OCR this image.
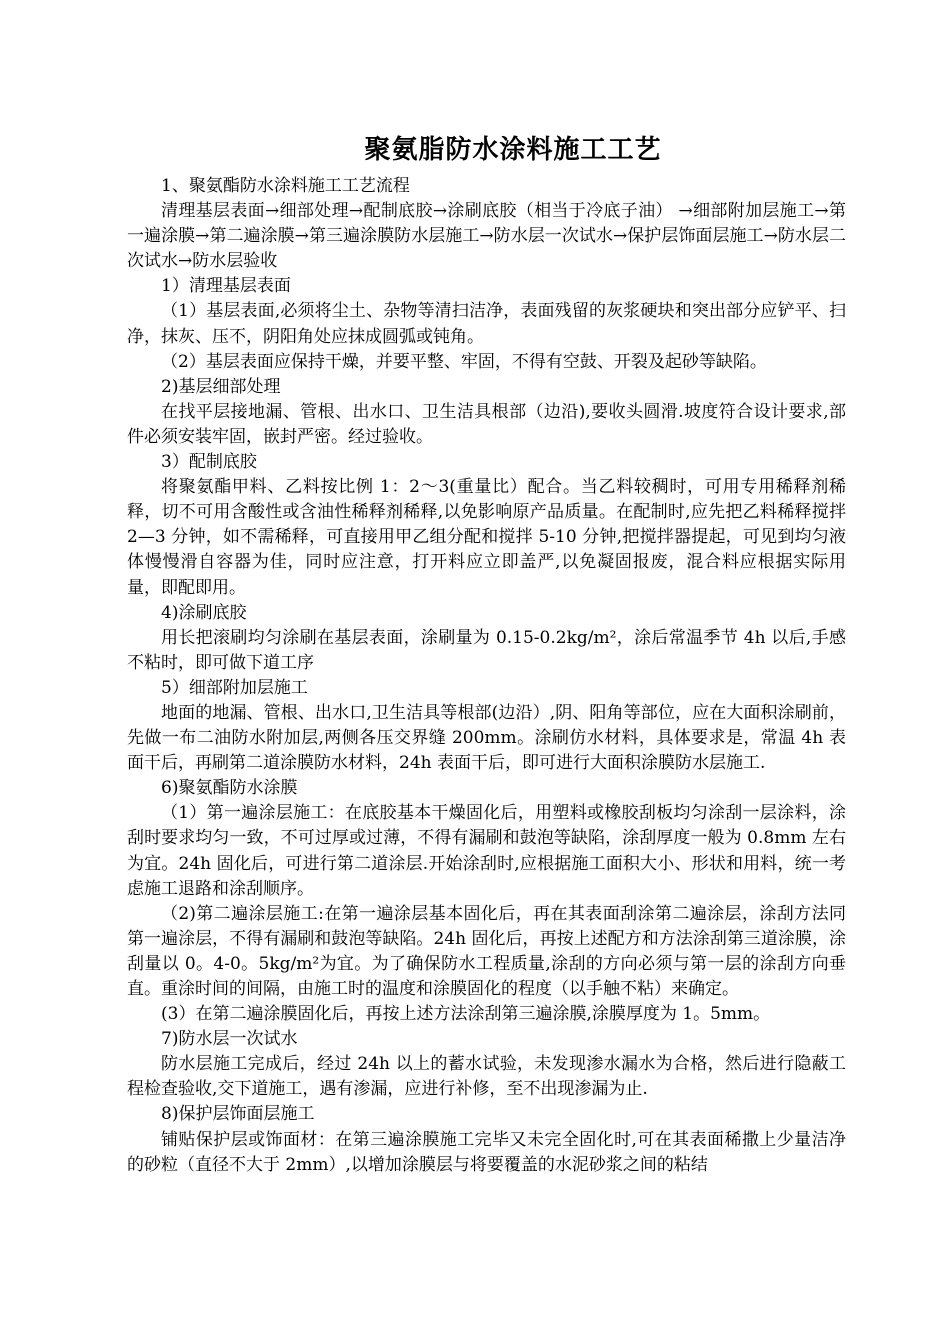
聚氨脂防水涂料施工工艺

1、聚氨酯防水涂料施工工艺流程

清理基层表面→细部处理→配制底胶→涂刷底胶（相当于冷底子油） →细部附加层施工→第一遍涂膜→第二遍涂膜→第三遍涂膜防水层施工→防水层一次试水→保护层饰面层施工→防水层二次试水→防水层验收

1）清理基层表面

（1）基层表面,必须将尘土、杂物等清扫洁净，表面残留的灰浆硬块和突出部分应铲平、扫净，抹灰、压不，阴阳角处应抹成圆弧或钝角。

（2）基层表面应保持干燥，并要平整、牢固，不得有空鼓、开裂及起砂等缺陷。

2)基层细部处理

在找平层接地漏、管根、出水口、卫生洁具根部（边沿),要收头圆滑.坡度符合设计要求,部件必须安装牢固，嵌封严密。经过验收。

3）配制底胶

将聚氨酯甲料、乙料按比例 1：2～3(重量比）配合。当乙料较稠时，可用专用稀释剂稀释，切不可用含酸性或含油性稀释剂稀释,以免影响原产品质量。在配制时,应先把乙料稀释搅拌 2—3 分钟，如不需稀释，可直接用甲乙组分配和搅拌 5-10 分钟,把搅拌器提起，可见到均匀液体慢慢滑自容器为佳，同时应注意，打开料应立即盖严,以免凝固报废，混合料应根据实际用量，即配即用。

4)涂刷底胶

用长把滚刷均匀涂刷在基层表面，涂刷量为 0.15-0.2kg/m²，涂后常温季节 4h 以后,手感不粘时，即可做下道工序

5）细部附加层施工

地面的地漏、管根、出水口,卫生洁具等根部(边沿）,阴、阳角等部位，应在大面积涂刷前，先做一布二油防水附加层,两侧各压交界缝 200mm。涂刷仿水材料，具体要求是，常温 4h 表面干后，再刷第二道涂膜防水材料，24h 表面干后，即可进行大面积涂膜防水层施工.

6)聚氨酯防水涂膜

（1）第一遍涂层施工：在底胶基本干燥固化后，用塑料或橡胶刮板均匀涂刮一层涂料，涂刮时要求均匀一致，不可过厚或过薄，不得有漏刷和鼓泡等缺陷，涂刮厚度一般为 0.8mm 左右为宜。24h 固化后，可进行第二道涂层.开始涂刮时,应根据施工面积大小、形状和用料，统一考虑施工退路和涂刮顺序。

（2)第二遍涂层施工:在第一遍涂层基本固化后，再在其表面刮涂第二遍涂层，涂刮方法同第一遍涂层，不得有漏刷和鼓泡等缺陷。24h 固化后，再按上述配方和方法涂刮第三道涂膜，涂刮量以 0。4-0。5kg/m²为宜。为了确保防水工程质量,涂刮的方向必须与第一层的涂刮方向垂直。重涂时间的间隔，由施工时的温度和涂膜固化的程度（以手触不粘）来确定。

(3）在第二遍涂膜固化后，再按上述方法涂刮第三遍涂膜,涂膜厚度为 1。5mm。

7)防水层一次试水

防水层施工完成后，经过 24h 以上的蓄水试验，未发现渗水漏水为合格，然后进行隐蔽工程检查验收,交下道施工，遇有渗漏，应进行补修，至不出现渗漏为止.

8)保护层饰面层施工

铺贴保护层或饰面材：在第三遍涂膜施工完毕又未完全固化时,可在其表面稀撒上少量洁净的砂粒（直径不大于 2mm）,以增加涂膜层与将要覆盖的水泥砂浆之间的粘结
